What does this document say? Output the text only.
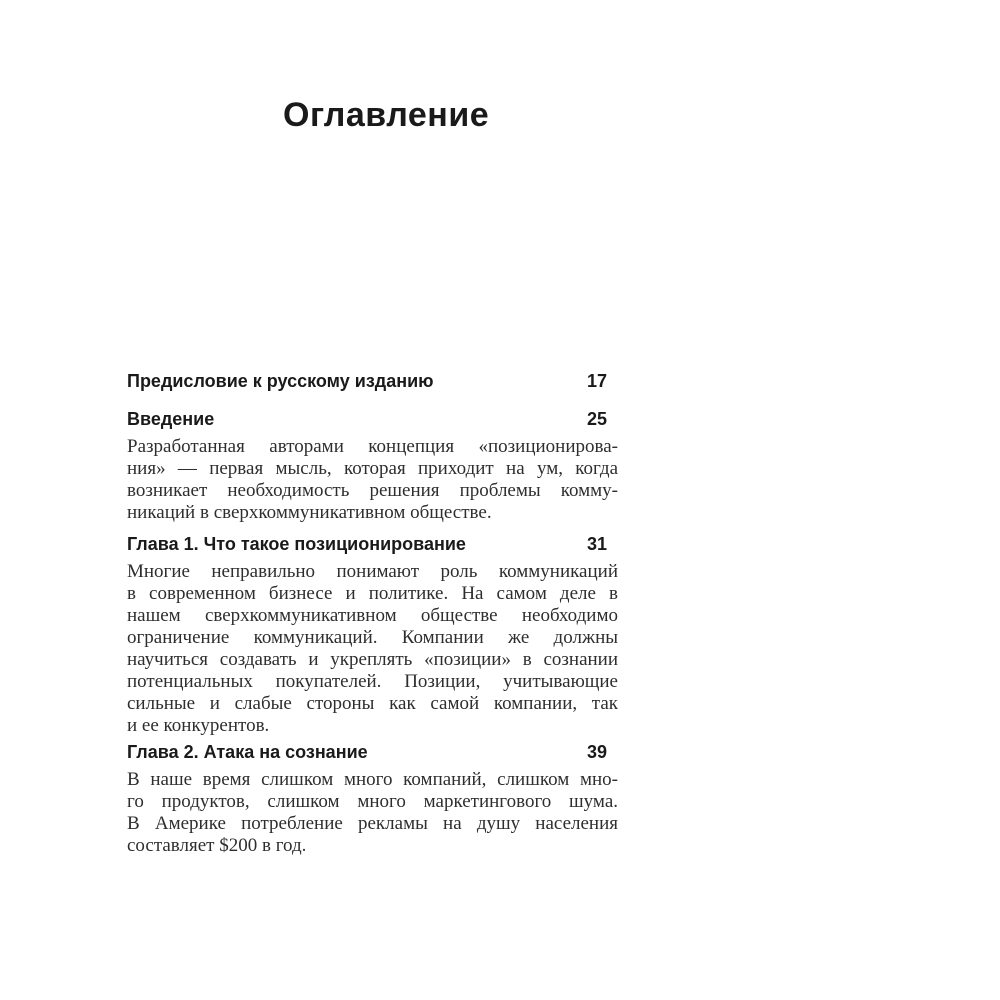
Оглавление
Предисловие к русскому изданию	17
Введение	25
Разработанная авторами концепция «позиционирова-
ния» — первая мысль, которая приходит на ум, когда
возникает необходимость решения проблемы комму-
никаций в сверхкоммуникативном обществе.
Глава 1. Что такое позиционирование	31
Многие неправильно понимают роль коммуникаций
в современном бизнесе и политике. На самом деле в
нашем сверхкоммуникативном обществе необходимо
ограничение коммуникаций. Компании же должны
научиться создавать и укреплять «позиции» в сознании
потенциальных покупателей. Позиции, учитывающие
сильные и слабые стороны как самой компании, так
и ее конкурентов.
Глава 2. Атака на сознание	39
В наше время слишком много компаний, слишком мно-
го продуктов, слишком много маркетингового шума.
В Америке потребление рекламы на душу населения
составляет $200 в год.
